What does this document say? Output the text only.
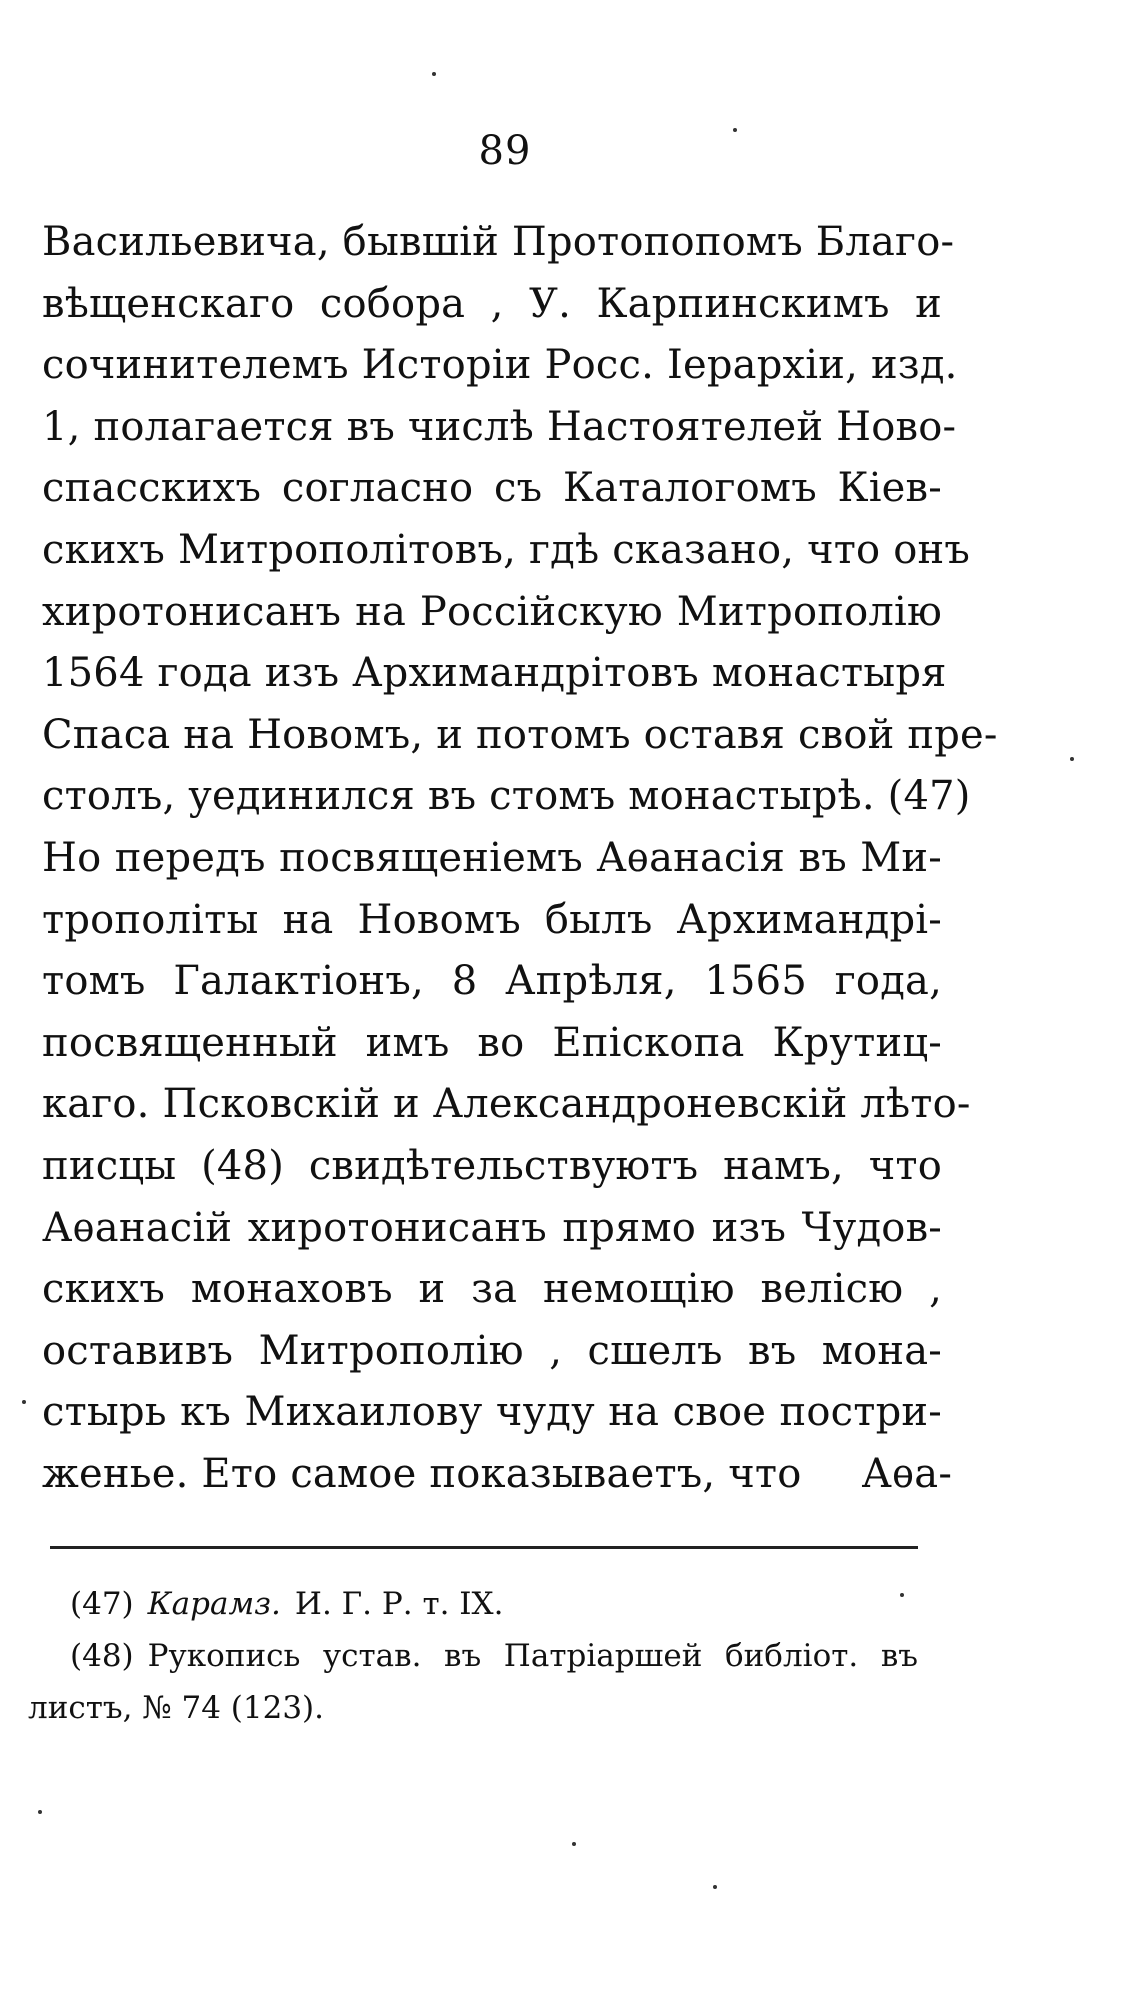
89
Васильевича, бывшій Протопопомъ Благо-
вѣщенскаго собора , У. Карпинскимъ и
сочинителемъ Исторіи Росс. Іерархіи, изд.
1, полагается въ числѣ Настоятелей Ново-
спасскихъ согласно съ Каталогомъ Кіев-
скихъ Митрополітовъ, гдѣ сказано, что онъ
хиротонисанъ на Россійскую Митрополію
1564 года изъ Архимандрітовъ монастыря
Спаса на Новомъ, и потомъ оставя свой пре-
столъ, уединился въ стомъ монастырѣ. (47)
Но передъ посвященіемъ Аѳанасія въ Ми-
трополіты на Новомъ былъ Архимандрі-
томъ Галактіонъ, 8 Апрѣля, 1565 года,
посвященный имъ во Епіскопа Крутиц-
каго. Псковскій и Александроневскій лѣто-
писцы (48) свидѣтельствуютъ намъ, что
Аѳанасій хиротонисанъ прямо изъ Чудов-
скихъ монаховъ и за немощію велісю ,
оставивъ Митрополію , сшелъ въ мона-
стырь къ Михаилову чуду на свое постри-
женье. Ето самое показываетъ, что Аѳа-
(47) Карамз. И. Г. Р. т. IX.
(48) Рукопись устав. въ Патріаршей библіот. въ
листъ, № 74 (123).
